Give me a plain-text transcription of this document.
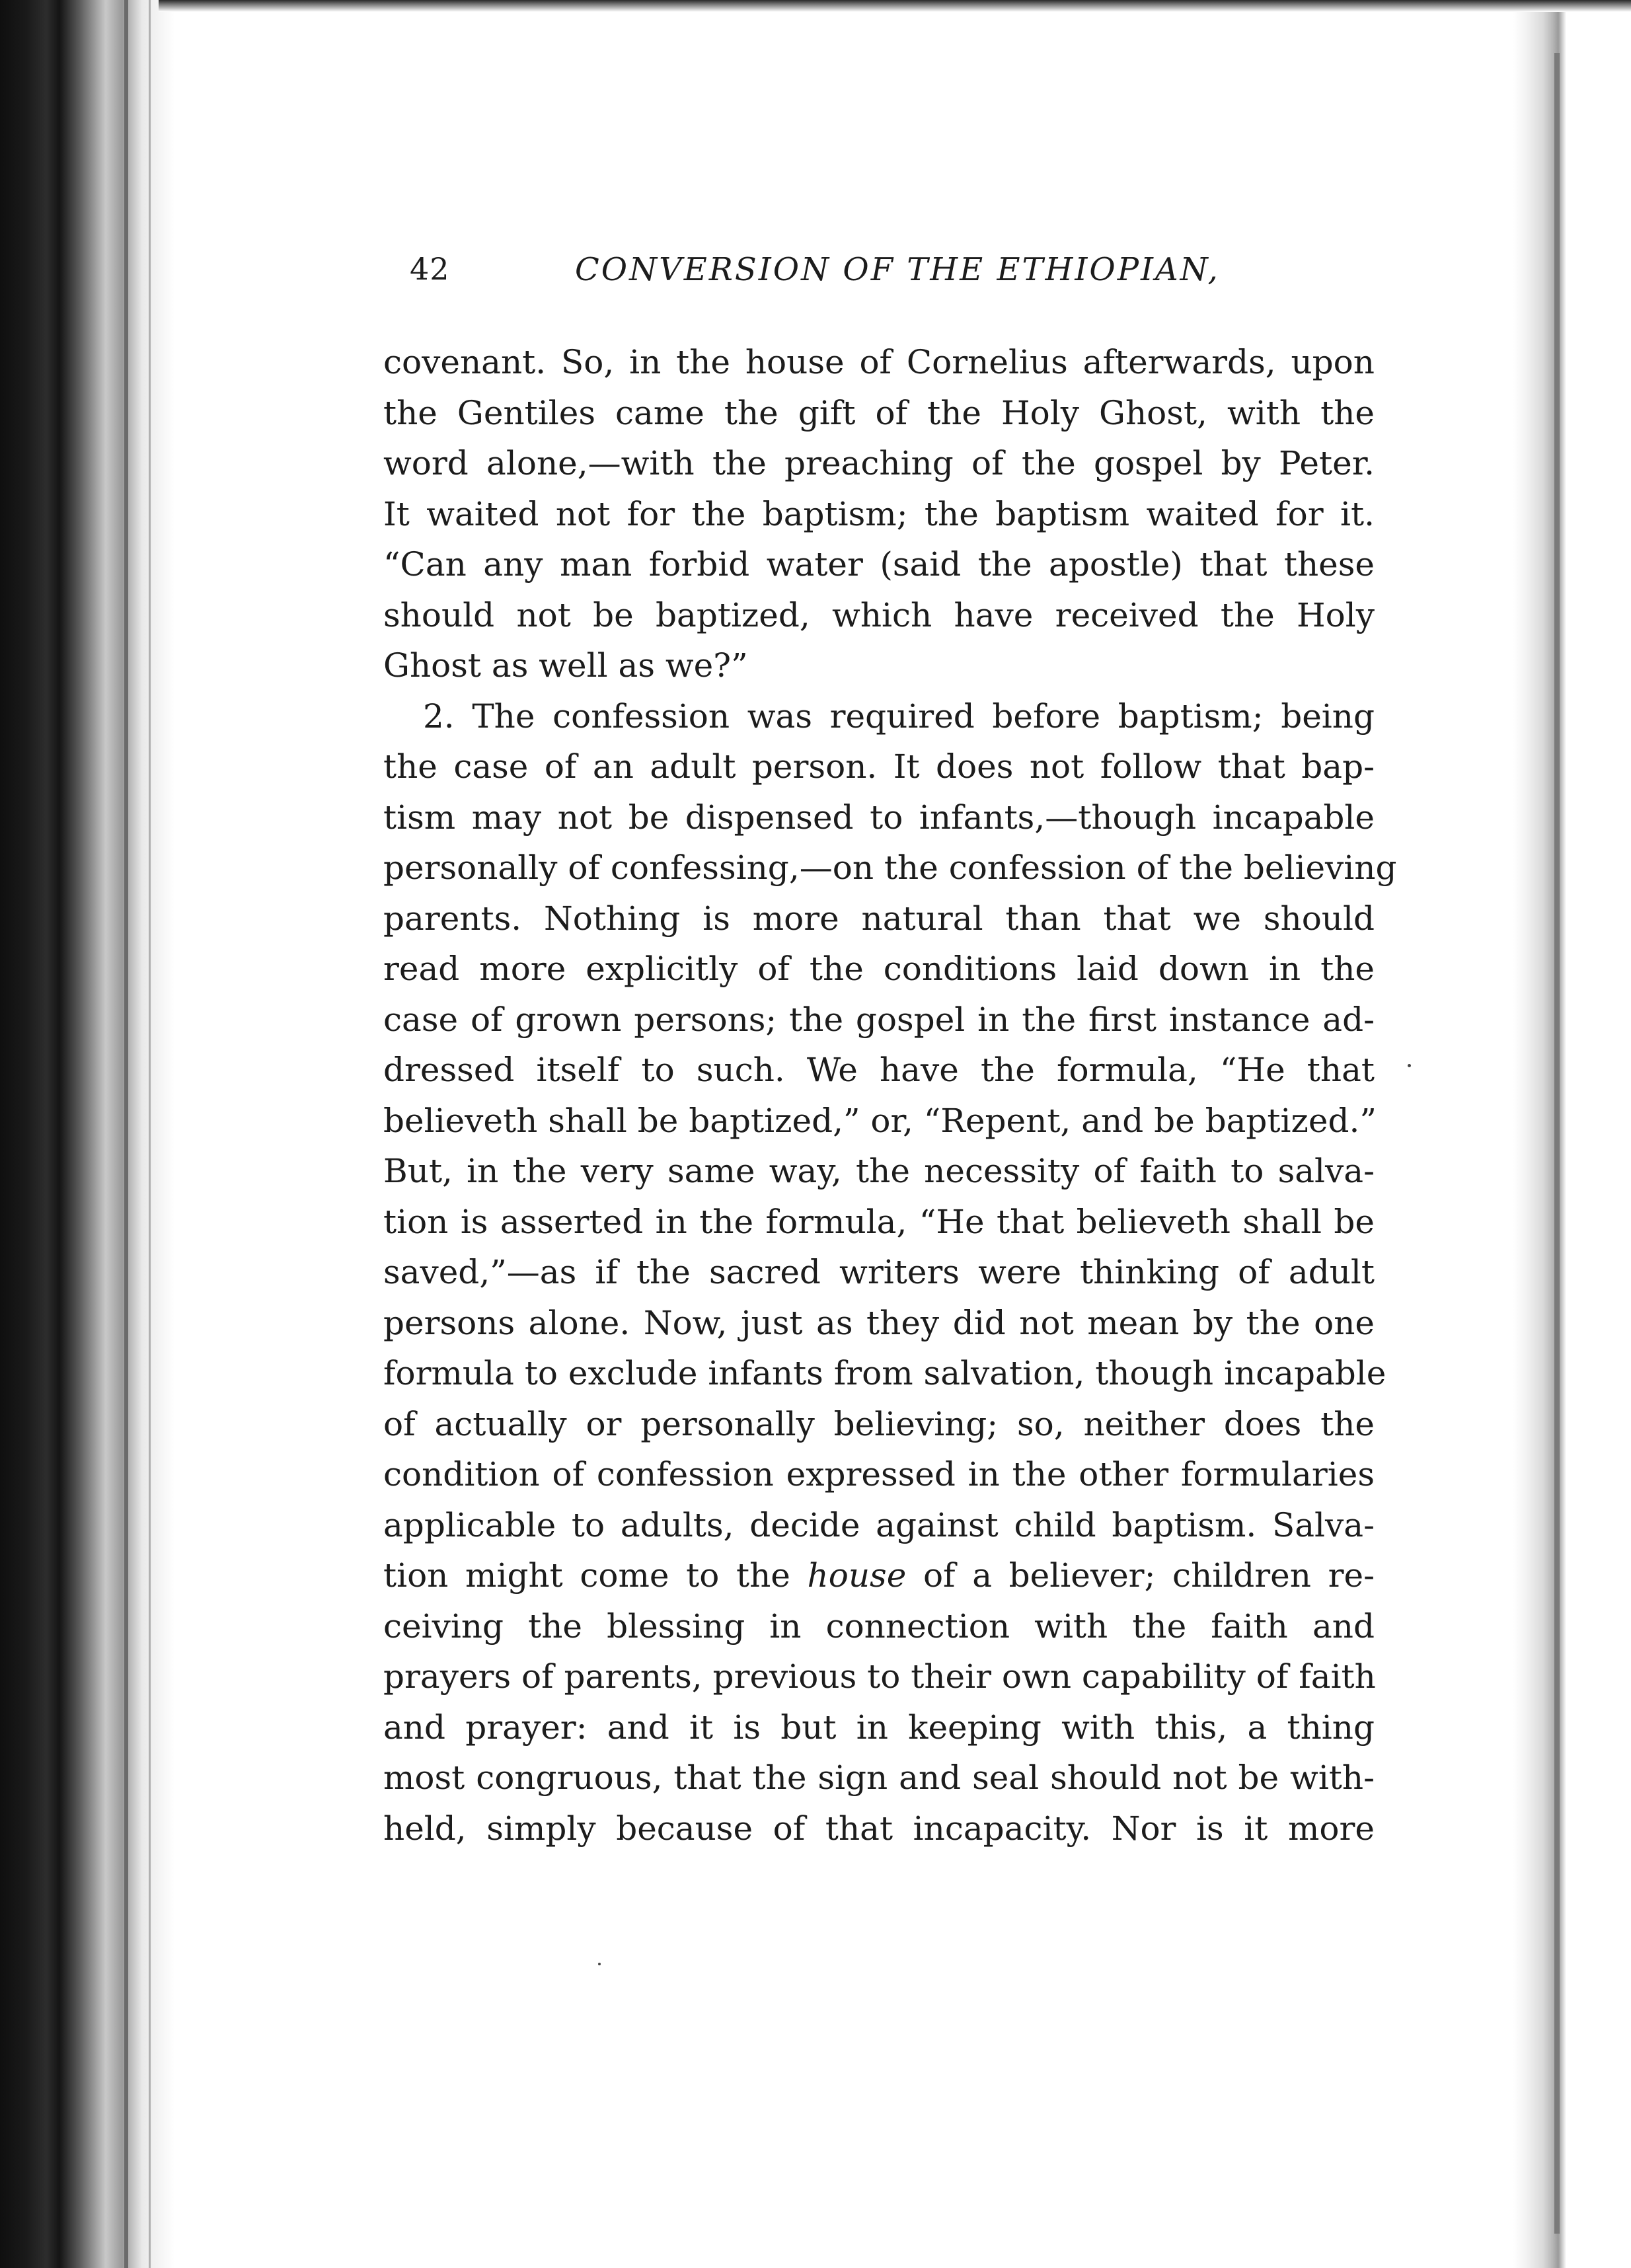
42	CONVERSION OF THE ETHIOPIAN,
covenant. So, in the house of Cornelius afterwards, upon
the Gentiles came the gift of the Holy Ghost, with the
word alone,—with the preaching of the gospel by Peter.
It waited not for the baptism; the baptism waited for it.
“Can any man forbid water (said the apostle) that these
should not be baptized, which have received the Holy
Ghost as well as we?”
2. The confession was required before baptism; being
the case of an adult person. It does not follow that bap-
tism may not be dispensed to infants,—though incapable
personally of confessing,—on the confession of the believing
parents. Nothing is more natural than that we should
read more explicitly of the conditions laid down in the
case of grown persons; the gospel in the first instance ad-
dressed itself to such. We have the formula, “He that
believeth shall be baptized,” or, “Repent, and be baptized.”
But, in the very same way, the necessity of faith to salva-
tion is asserted in the formula, “He that believeth shall be
saved,”—as if the sacred writers were thinking of adult
persons alone. Now, just as they did not mean by the one
formula to exclude infants from salvation, though incapable
of actually or personally believing; so, neither does the
condition of confession expressed in the other formularies
applicable to adults, decide against child baptism. Salva-
tion might come to the house of a believer; children re-
ceiving the blessing in connection with the faith and
prayers of parents, previous to their own capability of faith
and prayer: and it is but in keeping with this, a thing
most congruous, that the sign and seal should not be with-
held, simply because of that incapacity. Nor is it more
